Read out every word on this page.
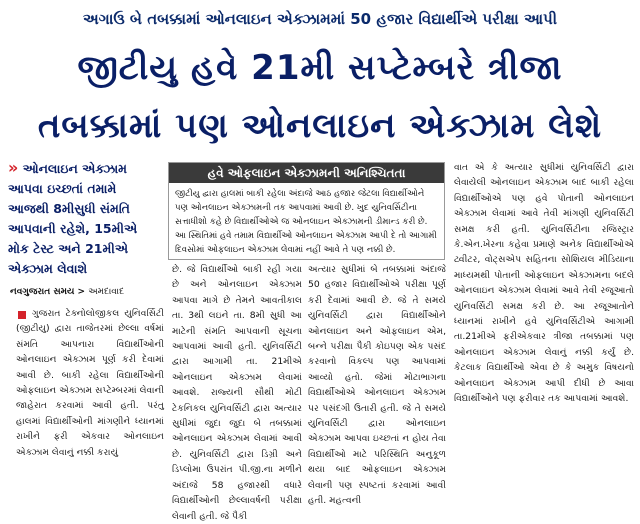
અગાઉ બે તબક્કામાં ઓનલાઇન એક્ઝામમાં 50 હજાર વિદ્યાર્થીએ પરીક્ષા આપી
જીટીયુ હવે 21મી સપ્ટેમ્બરે ત્રીજા
તબક્કામાં પણ ઓનલાઇન એક્ઝામ લેશે
» ઓનલાઇન એક્ઝામ આપવા ઇચ્છતાં તમામે આજથી 8મીસુધી સંમતિ આપવાની રહેશે, 15મીએ મોક ટેસ્ટ અને 21મીએ એક્ઝામ લેવાશે
હવે ઓફલાઇન એક્ઝામની અનિશ્ચિતતા
જીટીયુ દ્વારા હાલમાં બાકી રહેલા અંદાજે આઠ હજાર જેટલા વિદ્યાર્થીઓને પણ ઓનલાઇન એક્ઝામની તક આપવામાં આવી છે. ખુદ યુનિવર્સિટીના સત્તાધીશો કહે છે વિદ્યાર્થીઓએ જ ઓનલાઇન એક્ઝામની ડીમાન્ડ કરી છે. આ સ્થિતિમાં હવે તમામ વિદ્યાર્થીઓ ઓનલાઇન એક્ઝામ આપી દે તો આગામી દિવસોમાં ઓફલાઇન એક્ઝામ લેવામાં નહીં આવે તે પણ નક્કી છે.
નવગુજરાત સમય > અમદાવાદ
ગુજરાત ટેક્નોલોજીકલ યુનિવર્સિટી (જીટીયુ) દ્વારા તાજેતરમાં છેલ્લા વર્ષમાં સંમતિ આપનારા વિદ્યાર્થીઓની ઓનલાઇન એક્ઝામ પૂર્ણ કરી દેવામાં આવી છે. બાકી રહેલા વિદ્યાર્થીઓની ઓફલાઇન એક્ઝામ સપ્ટેમ્બરમાં લેવાની જાહેરાત કરવામાં આવી હતી. પરંતુ હાલમાં વિદ્યાર્થીઓની માંગણીને ધ્યાનમાં રાખીને ફરી એકવાર ઓનલાઇન એક્ઝામ લેવાનું નક્કી કરાયું
છે. જે વિદ્યાર્થીઓ બાકી રહી ગયા છે અને ઓનલાઇન એક્ઝામ આપવા માગે છે તેમને આવતીકાલ તા. 3થી લઇને તા. 8મી સુધી આ માટેની સંમતિ આપવાની સૂચના આપવામાં આવી હતી. યુનિવર્સિટી દ્વારા આગામી તા. 21મીએ ઓનલાઇન એક્ઝામ લેવામાં આવશે. રાજ્યની સૌથી મોટી ટેકનિકલ યુનિવર્સિટી દ્વારા અત્યાર સુધીમાં જુદા જુદા બે તબક્કામાં ઓનલાઇન એક્ઝામ લેવામાં આવી છે. યુનિવર્સિટી દ્વારા ડિગ્રી અને ડિપ્લોમા ઉપરાંત પી.જી.ના મળીને અંદાજે 58 હજારથી વધારે વિદ્યાર્થીઓની છેલ્લાવર્ષની પરીક્ષા લેવાની હતી. જે પૈકી
અત્યાર સુધીમાં બે તબક્કામાં અંદાજે 50 હજાર વિદ્યાર્થીઓએ પરીક્ષા પૂર્ણ કરી દેવામાં આવી છે. જે તે સમયે યુનિવર્સિટી દ્વારા વિદ્યાર્થીઓને ઓનલાઇન અને ઓફલાઇન એમ, બન્ને પરીક્ષા પૈકી કોઇપણ એક પસંદ કરવાનો વિકલ્પ પણ આપવામાં આવ્યો હતો. જેમાં મોટાભાગના વિદ્યાર્થીઓએ ઓનલાઇન એક્ઝામ પર પસંદગી ઉતારી હતી. જે તે સમયે યુનિવર્સિટી દ્વારા ઓનલાઇન એક્ઝામ આપવા ઇચ્છતાં ન હોય તેવા વિદ્યાર્થીઓ માટે પરિસ્થિતિ અનુકૂળ થયા બાદ ઓફલાઇન એક્ઝામ લેવાની પણ સ્પષ્ટતાં કરવામાં આવી હતી. મહત્વની
વાત એ કે અત્યાર સુધીમાં યુનિવર્સિટી દ્વારા લેવાયેલી ઓનલાઇન એક્ઝામ બાદ બાકી રહેલા વિદ્યાર્થીઓએ પણ હવે પોતાની ઓનલાઇન એક્ઝામ લેવામાં આવે તેવી માંગણી યુનિવર્સિટી સમક્ષ કરી હતી. યુનિવર્સિટીના રજિસ્ટ્રાર કે.એન.ખેરના કહેવા પ્રમાણે અનેક વિદ્યાર્થીઓએ ટ્વીટર, વોટ્સએપ સહિતના સોશિયલ મીડિયાના માધ્યમથી પોતાની ઓફલાઇન એક્ઝામના બદલે ઓનલાઇન એક્ઝામ લેવામાં આવે તેવી રજૂઆતો યુનિવર્સિટી સમક્ષ કરી છે. આ રજૂઆતોને ધ્યાનમાં રાખીને હવે યુનિવર્સિટીએ આગામી તા.21મીએ ફરીએકવાર ત્રીજા તબક્કામાં પણ ઓનલાઇન એક્ઝામ લેવાનું નક્કી કર્યું છે. કેટલાક વિદ્યાર્થીઓ એવા છે કે અમુક વિષયનો ઓનલાઇન એક્ઝામ આપી દીધી છે આવા વિદ્યાર્થીઓને પણ ફરીવાર તક આપવામાં આવશે.
